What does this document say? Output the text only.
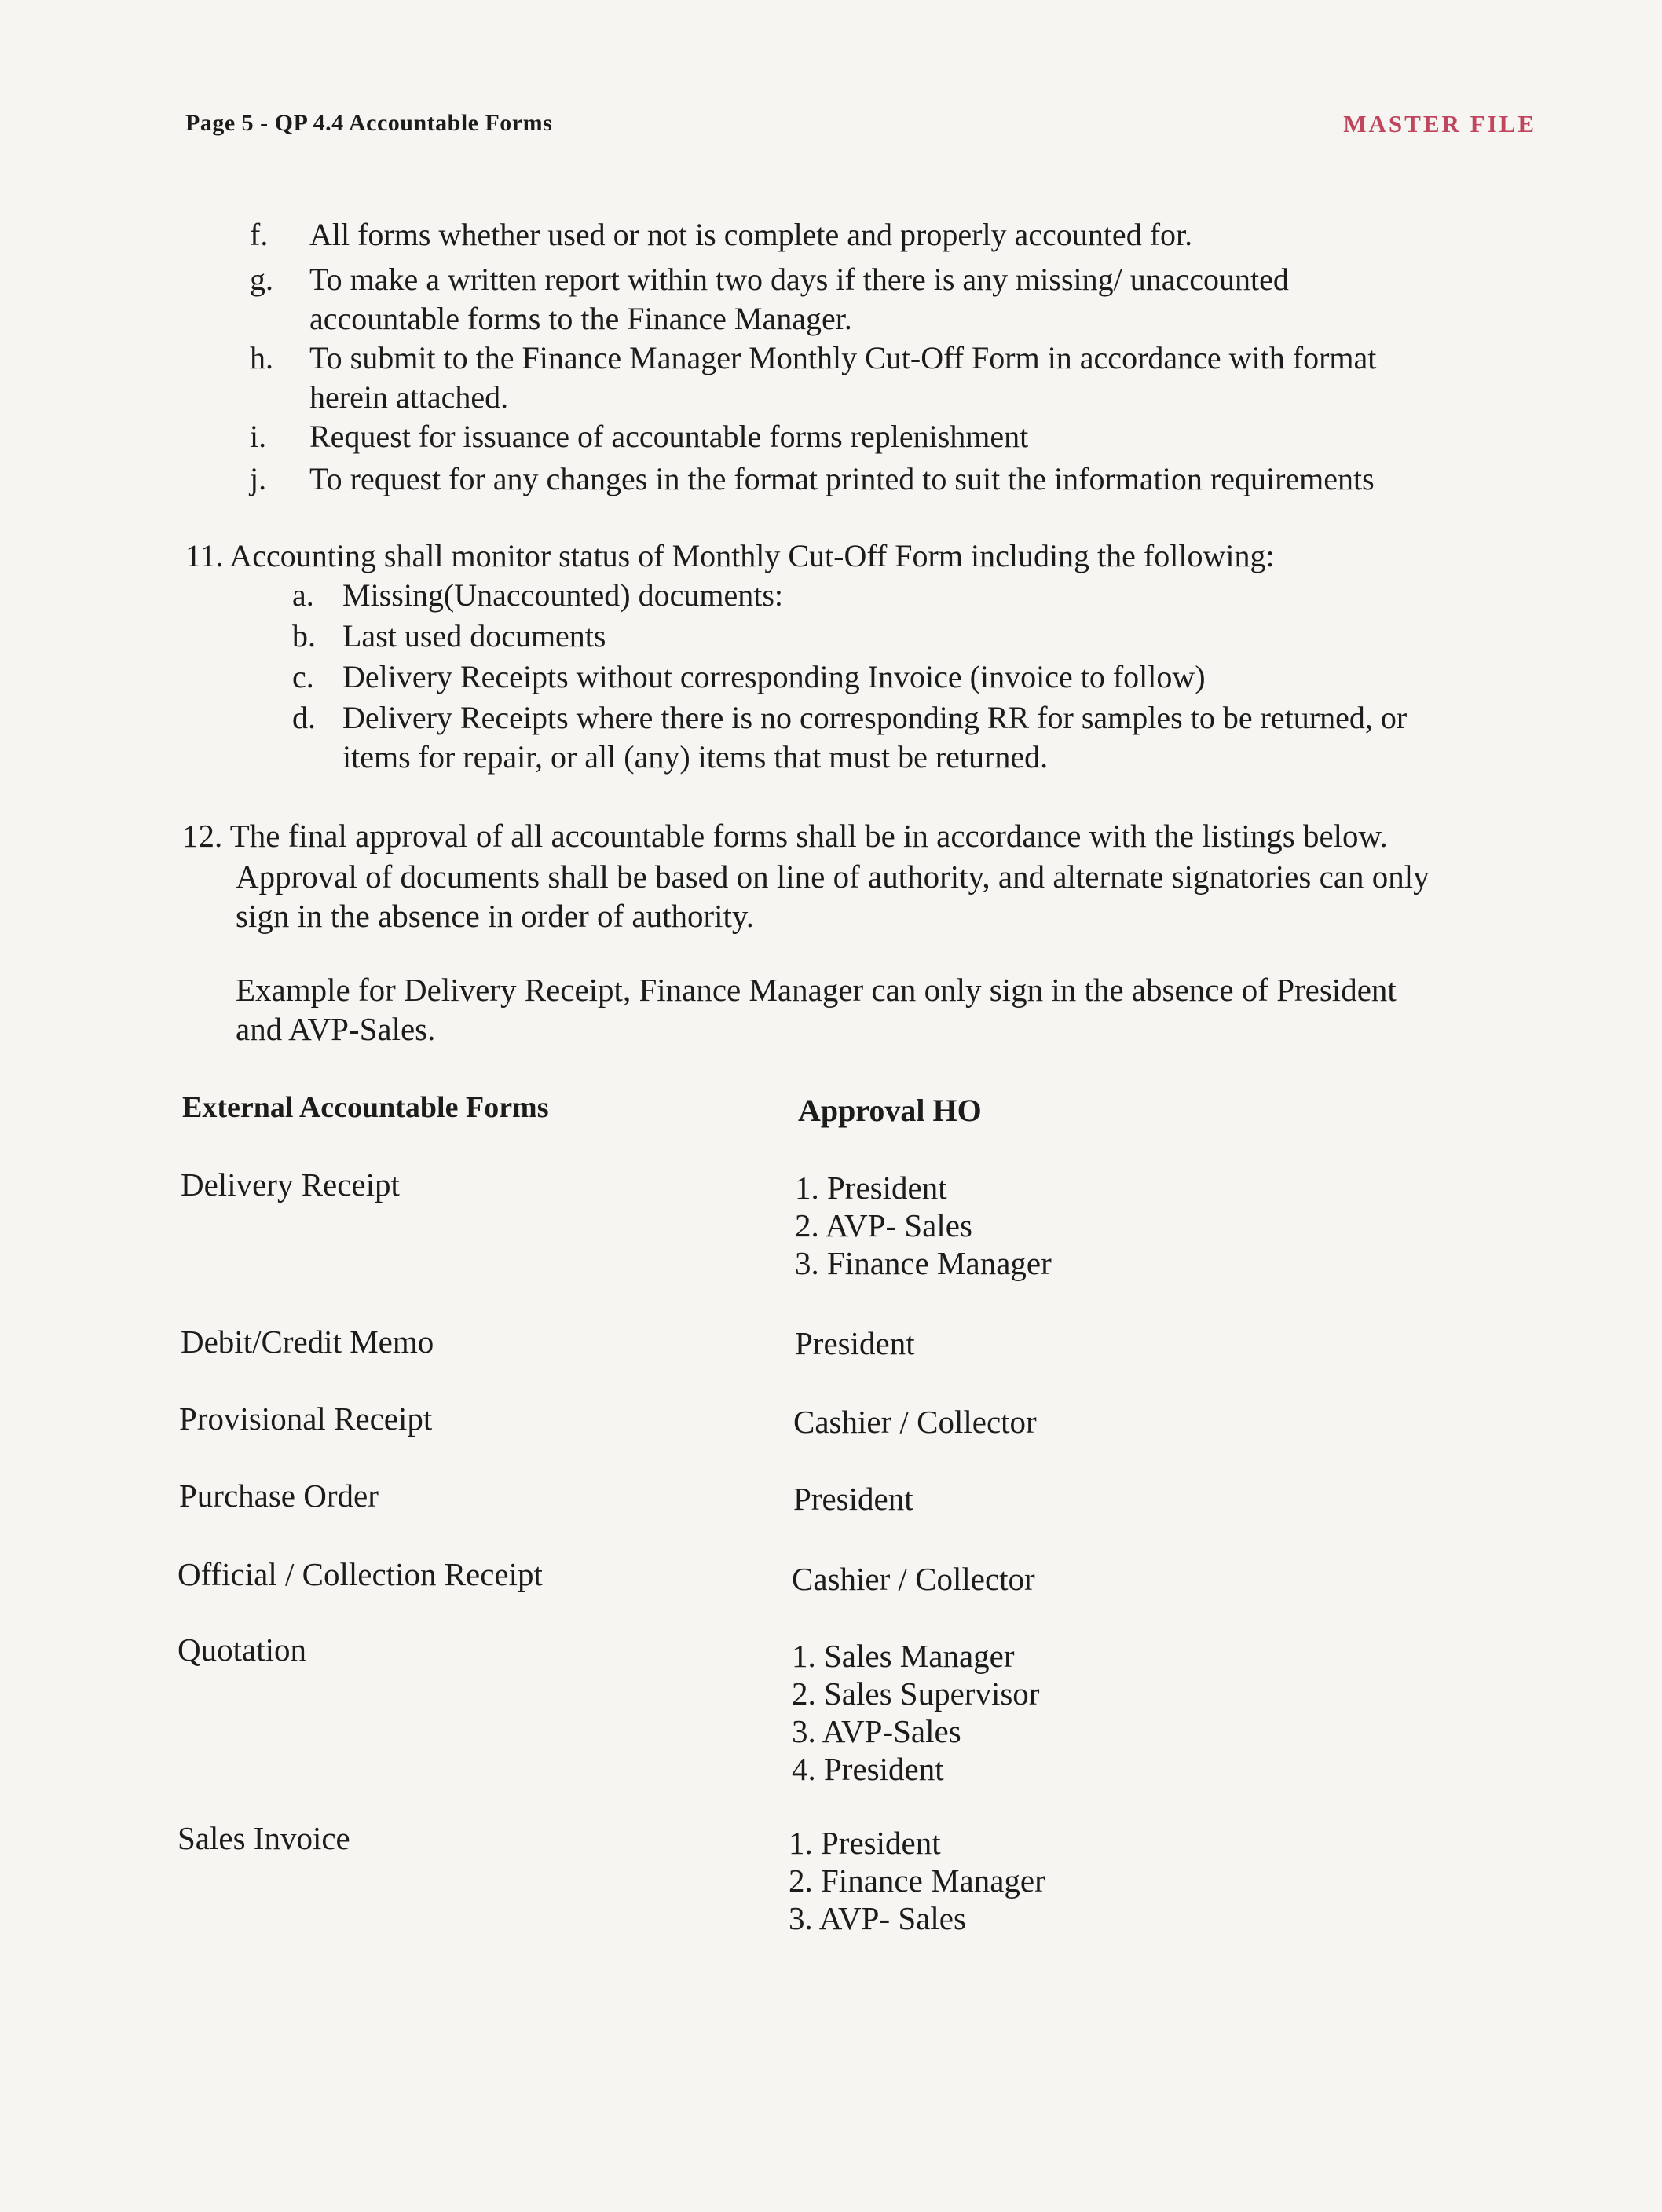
Page 5 - QP 4.4 Accountable Forms	MASTER FILE
f. All forms whether used or not is complete and properly accounted for.
g. To make a written report within two days if there is any missing/ unaccounted
accountable forms to the Finance Manager.
h. To submit to the Finance Manager Monthly Cut-Off Form in accordance with format
herein attached.
i. Request for issuance of accountable forms replenishment
j. To request for any changes in the format printed to suit the information requirements
11. Accounting shall monitor status of Monthly Cut-Off Form including the following:
a. Missing(Unaccounted) documents:
b. Last used documents
c. Delivery Receipts without corresponding Invoice (invoice to follow)
d. Delivery Receipts where there is no corresponding RR for samples to be returned, or
items for repair, or all (any) items that must be returned.
12. The final approval of all accountable forms shall be in accordance with the listings below.
Approval of documents shall be based on line of authority, and alternate signatories can only
sign in the absence in order of authority.
Example for Delivery Receipt, Finance Manager can only sign in the absence of President
and AVP-Sales.
External Accountable Forms	Approval HO
Delivery Receipt	1. President
2. AVP- Sales
3. Finance Manager
Debit/Credit Memo	President
Provisional Receipt	Cashier / Collector
Purchase Order	President
Official / Collection Receipt	Cashier / Collector
Quotation	1. Sales Manager
2. Sales Supervisor
3. AVP-Sales
4. President
Sales Invoice	1. President
2. Finance Manager
3. AVP- Sales
